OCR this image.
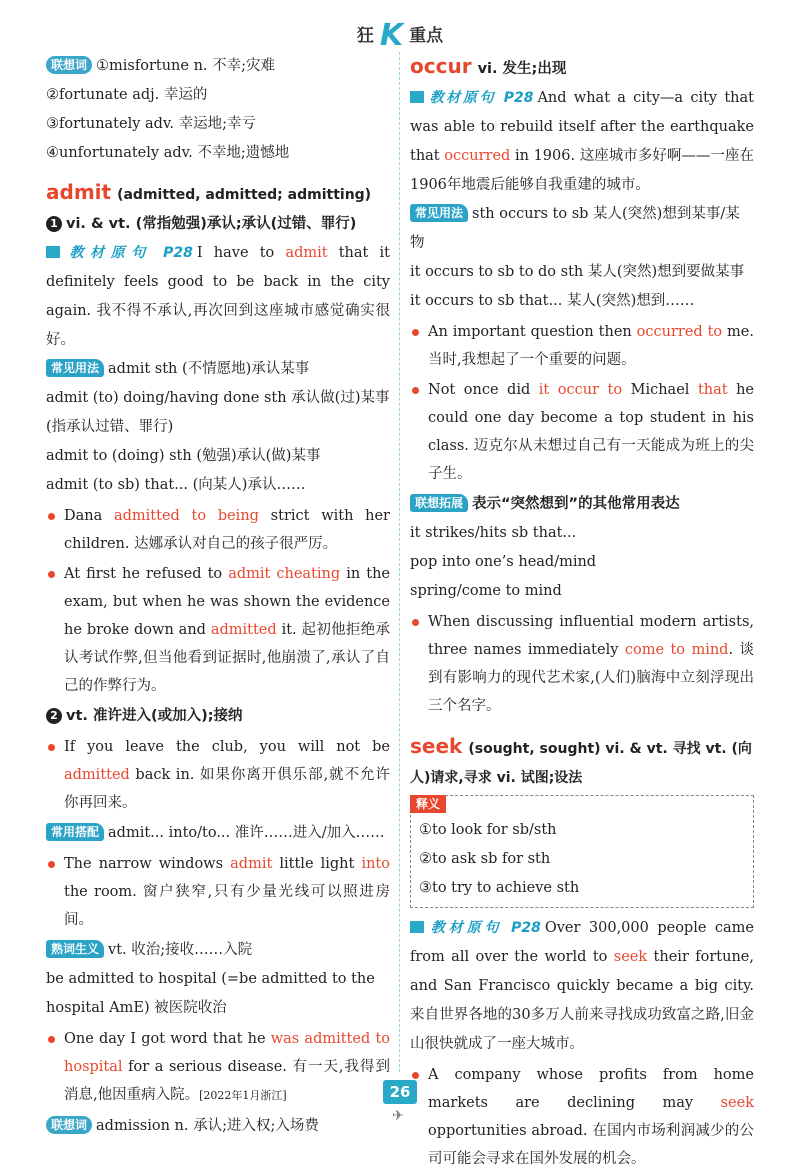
狂 K 重点
联想词 ①misfortune n. 不幸;灾难
②fortunate adj. 幸运的
③fortunately adv. 幸运地;幸亏
④unfortunately adv. 不幸地;遗憾地
admit (admitted, admitted; admitting)
1 vi. & vt. (常指勉强)承认;承认(过错、罪行)
教材原句 P28 I have to admit that it definitely feels good to be back in the city again. 我不得不承认,再次回到这座城市感觉确实很好。
常见用法 admit sth (不情愿地)承认某事
admit (to) doing/having done sth 承认做(过)某事(指承认过错、罪行)
admit to (doing) sth (勉强)承认(做)某事
admit (to sb) that... (向某人)承认……
Dana admitted to being strict with her children. 达娜承认对自己的孩子很严厉。
At first he refused to admit cheating in the exam, but when he was shown the evidence he broke down and admitted it. 起初他拒绝承认考试作弊,但当他看到证据时,他崩溃了,承认了自己的作弊行为。
2 vt. 准许进入(或加入);接纳
If you leave the club, you will not be admitted back in. 如果你离开俱乐部,就不允许你再回来。
常用搭配 admit... into/to... 准许……进入/加入……
The narrow windows admit little light into the room. 窗户狭窄,只有少量光线可以照进房间。
熟词生义 vt. 收治;接收……入院
be admitted to hospital (=be admitted to the hospital AmE) 被医院收治
One day I got word that he was admitted to hospital for a serious disease. 有一天,我得到消息,他因重病入院。[2022年1月浙江]
联想词 admission n. 承认;进入权;入场费
occur vi. 发生;出现
教材原句 P28 And what a city—a city that was able to rebuild itself after the earthquake that occurred in 1906. 这座城市多好啊——一座在1906年地震后能够自我重建的城市。
常见用法 sth occurs to sb 某人(突然)想到某事/某物
it occurs to sb to do sth 某人(突然)想到要做某事
it occurs to sb that... 某人(突然)想到……
An important question then occurred to me. 当时,我想起了一个重要的问题。
Not once did it occur to Michael that he could one day become a top student in his class. 迈克尔从未想过自己有一天能成为班上的尖子生。
联想拓展 表示“突然想到”的其他常用表达
it strikes/hits sb that...
pop into one’s head/mind
spring/come to mind
When discussing influential modern artists, three names immediately come to mind. 谈到有影响力的现代艺术家,(人们)脑海中立刻浮现出三个名字。
seek (sought, sought) vi. & vt. 寻找 vt. (向人)请求,寻求 vi. 试图;设法
释义
①to look for sb/sth
②to ask sb for sth
③to try to achieve sth
教材原句 P28 Over 300,000 people came from all over the world to seek their fortune, and San Francisco quickly became a big city. 来自世界各地的30多万人前来寻找成功致富之路,旧金山很快就成了一座大城市。
A company whose profits from home markets are declining may seek opportunities abroad. 在国内市场利润减少的公司可能会寻求在国外发展的机会。
26
✈
